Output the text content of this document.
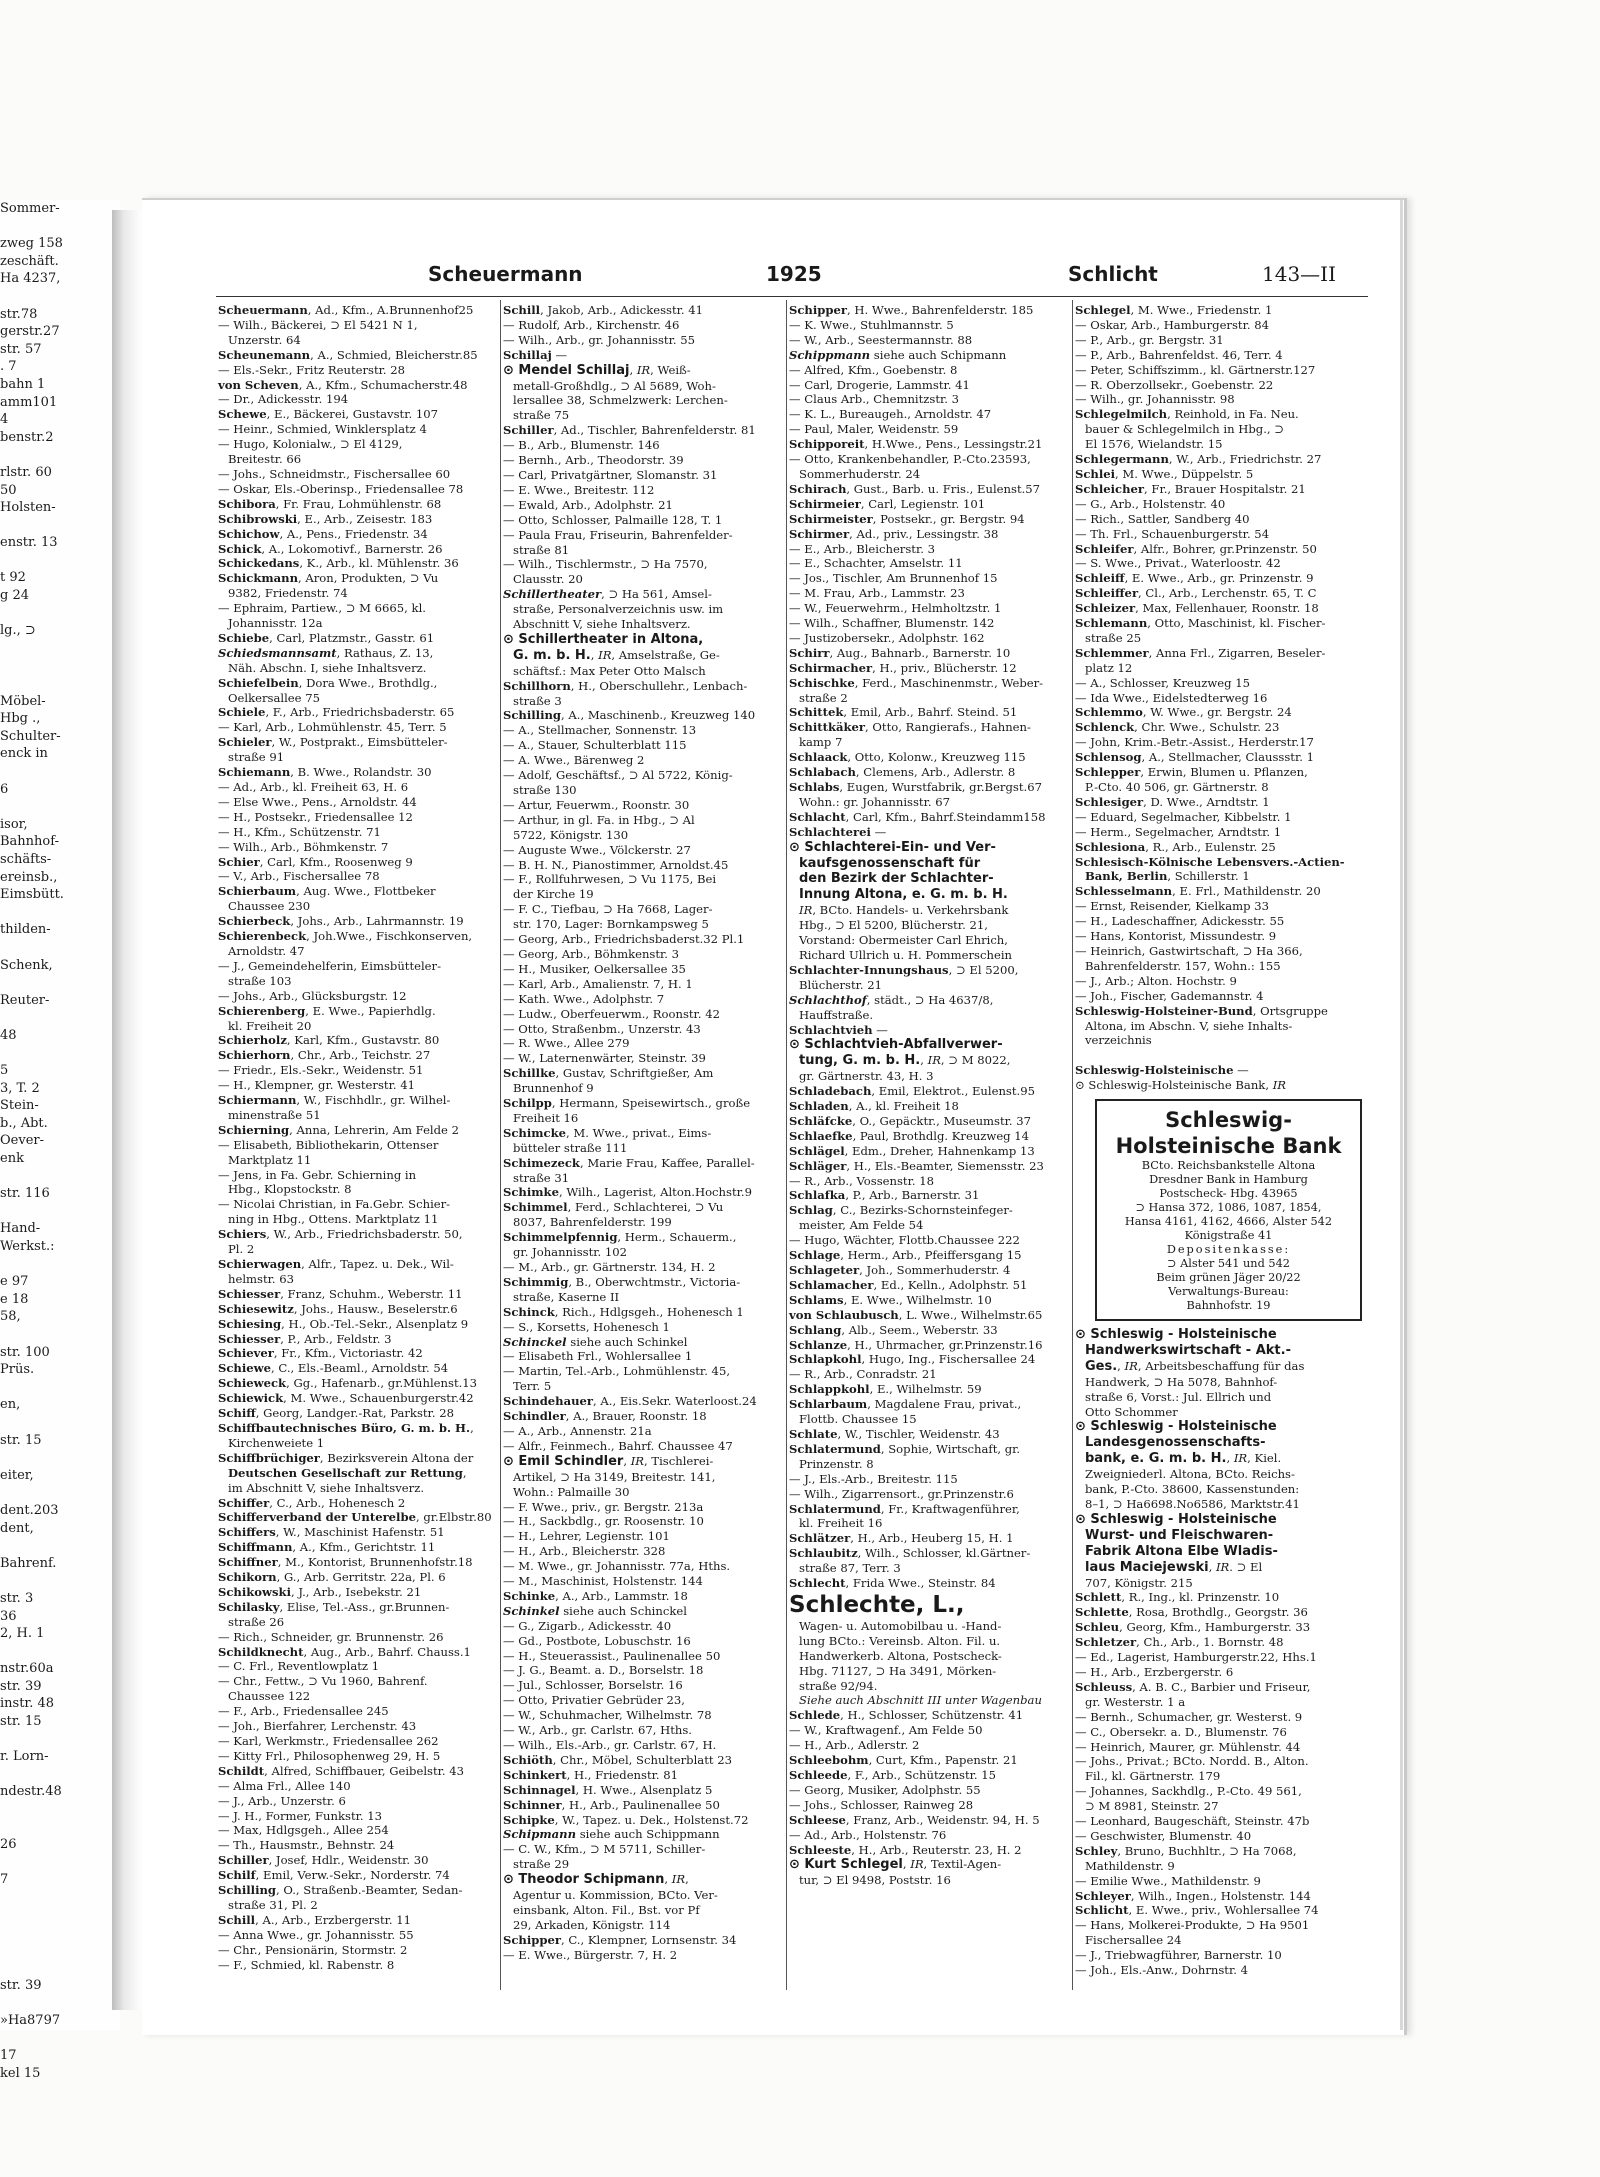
Sommer-

zweg 158
zeschäft.
Ha 4237,

str.78
gerstr.27
str. 57
. 7
bahn 1
amm101
4
benstr.2

rlstr. 60
50
Holsten-

enstr. 13

t 92
g 24

lg., ⊃

Möbel-
Hbg .,
Schulter-
enck in

6

isor,
Bahnhof-
schäfts-
ereinsb.,
Eimsbütt.

thilden-

Schenk,

Reuter-

48

5
3, T. 2
Stein-
b., Abt.
Oever-
enk

str. 116

Hand-
Werkst.:

e 97
e 18
58,

str. 100
Prüs.

en,

str. 15

eiter,

dent.203
dent,

Bahrenf.

str. 3
36
2, H. 1

nstr.60a
str. 39
instr. 48
str. 15

r. Lorn-

ndestr.48

26

7

str. 39

»Ha8797

17
kel 15
Scheuermann	1925	Schlicht	143—II
Scheuermann, Ad., Kfm., A.Brunnenhof25
— Wilh., Bäckerei, ⊃ El 5421 N 1,
Unzerstr. 64
Scheunemann, A., Schmied, Bleicherstr.85
— Els.-Sekr., Fritz Reuterstr. 28
von Scheven, A., Kfm., Schumacherstr.48
— Dr., Adickesstr. 194
Schewe, E., Bäckerei, Gustavstr. 107
— Heinr., Schmied, Winklersplatz 4
— Hugo, Kolonialw., ⊃ El 4129,
Breitestr. 66
— Johs., Schneidmstr., Fischersallee 60
— Oskar, Els.-Oberinsp., Friedensallee 78
Schibora, Fr. Frau, Lohmühlenstr. 68
Schibrowski, E., Arb., Zeisestr. 183
Schichow, A., Pens., Friedenstr. 34
Schick, A., Lokomotivf., Barnerstr. 26
Schickedans, K., Arb., kl. Mühlenstr. 36
Schickmann, Aron, Produkten, ⊃ Vu
9382, Friedenstr. 74
— Ephraim, Partiew., ⊃ M 6665, kl.
Johannisstr. 12a
Schiebe, Carl, Platzmstr., Gasstr. 61
Schiedsmannsamt, Rathaus, Z. 13,
Näh. Abschn. I, siehe Inhaltsverz.
Schiefelbein, Dora Wwe., Brothdlg.,
Oelkersallee 75
Schiele, F., Arb., Friedrichsbaderstr. 65
— Karl, Arb., Lohmühlenstr. 45, Terr. 5
Schieler, W., Postprakt., Eimsbütteler-
straße 91
Schiemann, B. Wwe., Rolandstr. 30
— Ad., Arb., kl. Freiheit 63, H. 6
— Else Wwe., Pens., Arnoldstr. 44
— H., Postsekr., Friedensallee 12
— H., Kfm., Schützenstr. 71
— Wilh., Arb., Böhmkenstr. 7
Schier, Carl, Kfm., Roosenweg 9
— V., Arb., Fischersallee 78
Schierbaum, Aug. Wwe., Flottbeker
Chaussee 230
Schierbeck, Johs., Arb., Lahrmannstr. 19
Schierenbeck, Joh.Wwe., Fischkonserven,
Arnoldstr. 47
— J., Gemeindehelferin, Eimsbütteler-
straße 103
— Johs., Arb., Glücksburgstr. 12
Schierenberg, E. Wwe., Papierhdlg.
kl. Freiheit 20
Schierholz, Karl, Kfm., Gustavstr. 80
Schierhorn, Chr., Arb., Teichstr. 27
— Friedr., Els.-Sekr., Weidenstr. 51
— H., Klempner, gr. Westerstr. 41
Schiermann, W., Fischhdlr., gr. Wilhel-
minenstraße 51
Schierning, Anna, Lehrerin, Am Felde 2
— Elisabeth, Bibliothekarin, Ottenser
Marktplatz 11
— Jens, in Fa. Gebr. Schierning in
Hbg., Klopstockstr. 8
— Nicolai Christian, in Fa.Gebr. Schier-
ning in Hbg., Ottens. Marktplatz 11
Schiers, W., Arb., Friedrichsbaderstr. 50,
Pl. 2
Schierwagen, Alfr., Tapez. u. Dek., Wil-
helmstr. 63
Schiesser, Franz, Schuhm., Weberstr. 11
Schiesewitz, Johs., Hausw., Beselerstr.6
Schiesing, H., Ob.-Tel.-Sekr., Alsenplatz 9
Schiesser, P., Arb., Feldstr. 3
Schiever, Fr., Kfm., Victoriastr. 42
Schiewe, C., Els.-Beaml., Arnoldstr. 54
Schieweck, Gg., Hafenarb., gr.Mühlenst.13
Schiewick, M. Wwe., Schauenburgerstr.42
Schiff, Georg, Landger.-Rat, Parkstr. 28
Schiffbautechnisches Büro, G. m. b. H.,
Kirchenweiete 1
Schiffbrüchiger, Bezirksverein Altona der
Deutschen Gesellschaft zur Rettung,
im Abschnitt V, siehe Inhaltsverz.
Schiffer, C., Arb., Hohenesch 2
Schifferverband der Unterelbe, gr.Elbstr.80
Schiffers, W., Maschinist Hafenstr. 51
Schiffmann, A., Kfm., Gerichtstr. 11
Schiffner, M., Kontorist, Brunnenhofstr.18
Schikorn, G., Arb. Gerritstr. 22a, Pl. 6
Schikowski, J., Arb., Isebekstr. 21
Schilasky, Elise, Tel.-Ass., gr.Brunnen-
straße 26
— Rich., Schneider, gr. Brunnenstr. 26
Schildknecht, Aug., Arb., Bahrf. Chauss.1
— C. Frl., Reventlowplatz 1
— Chr., Fettw., ⊃ Vu 1960, Bahrenf.
Chaussee 122
— F., Arb., Friedensallee 245
— Joh., Bierfahrer, Lerchenstr. 43
— Karl, Werkmstr., Friedensallee 262
— Kitty Frl., Philosophenweg 29, H. 5
Schildt, Alfred, Schiffbauer, Geibelstr. 43
— Alma Frl., Allee 140
— J., Arb., Unzerstr. 6
— J. H., Former, Funkstr. 13
— Max, Hdlgsgeh., Allee 254
— Th., Hausmstr., Behnstr. 24
Schiller, Josef, Hdlr., Weidenstr. 30
Schilf, Emil, Verw.-Sekr., Norderstr. 74
Schilling, O., Straßenb.-Beamter, Sedan-
straße 31, Pl. 2
Schill, A., Arb., Erzbergerstr. 11
— Anna Wwe., gr. Johannisstr. 55
— Chr., Pensionärin, Stormstr. 2
— F., Schmied, kl. Rabenstr. 8
Schill, Jakob, Arb., Adickesstr. 41
— Rudolf, Arb., Kirchenstr. 46
— Wilh., Arb., gr. Johannisstr. 55
Schillaj —
⊙ Mendel Schillaj, IR, Weiß-
metall-Großhdlg., ⊃ Al 5689, Woh-
lersallee 38, Schmelzwerk: Lerchen-
straße 75
Schiller, Ad., Tischler, Bahrenfelderstr. 81
— B., Arb., Blumenstr. 146
— Bernh., Arb., Theodorstr. 39
— Carl, Privatgärtner, Slomanstr. 31
— E. Wwe., Breitestr. 112
— Ewald, Arb., Adolphstr. 21
— Otto, Schlosser, Palmaille 128, T. 1
— Paula Frau, Friseurin, Bahrenfelder-
straße 81
— Wilh., Tischlermstr., ⊃ Ha 7570,
Clausstr. 20
Schillertheater, ⊃ Ha 561, Amsel-
straße, Personalverzeichnis usw. im
Abschnitt V, siehe Inhaltsverz.
⊙ Schillertheater in Altona,
G. m. b. H., IR, Amselstraße, Ge-
schäftsf.: Max Peter Otto Malsch
Schillhorn, H., Oberschullehr., Lenbach-
straße 3
Schilling, A., Maschinenb., Kreuzweg 140
— A., Stellmacher, Sonnenstr. 13
— A., Stauer, Schulterblatt 115
— A. Wwe., Bärenweg 2
— Adolf, Geschäftsf., ⊃ Al 5722, König-
straße 130
— Artur, Feuerwm., Roonstr. 30
— Arthur, in gl. Fa. in Hbg., ⊃ Al
5722, Königstr. 130
— Auguste Wwe., Völckerstr. 27
— B. H. N., Pianostimmer, Arnoldst.45
— F., Rollfuhrwesen, ⊃ Vu 1175, Bei
der Kirche 19
— F. C., Tiefbau, ⊃ Ha 7668, Lager-
str. 170, Lager: Bornkampsweg 5
— Georg, Arb., Friedrichsbaderst.32 Pl.1
— Georg, Arb., Böhmkenstr. 3
— H., Musiker, Oelkersallee 35
— Karl, Arb., Amalienstr. 7, H. 1
— Kath. Wwe., Adolphstr. 7
— Ludw., Oberfeuerwm., Roonstr. 42
— Otto, Straßenbm., Unzerstr. 43
— R. Wwe., Allee 279
— W., Laternenwärter, Steinstr. 39
Schillke, Gustav, Schriftgießer, Am
Brunnenhof 9
Schilpp, Hermann, Speisewirtsch., große
Freiheit 16
Schimcke, M. Wwe., privat., Eims-
bütteler straße 111
Schimezeck, Marie Frau, Kaffee, Parallel-
straße 31
Schimke, Wilh., Lagerist, Alton.Hochstr.9
Schimmel, Ferd., Schlachterei, ⊃ Vu
8037, Bahrenfelderstr. 199
Schimmelpfennig, Herm., Schauerm.,
gr. Johannisstr. 102
— M., Arb., gr. Gärtnerstr. 134, H. 2
Schimmig, B., Oberwchtmstr., Victoria-
straße, Kaserne II
Schinck, Rich., Hdlgsgeh., Hohenesch 1
— S., Korsetts, Hohenesch 1
Schinckel siehe auch Schinkel
— Elisabeth Frl., Wohlersallee 1
— Martin, Tel.-Arb., Lohmühlenstr. 45,
Terr. 5
Schindehauer, A., Eis.Sekr. Waterloost.24
Schindler, A., Brauer, Roonstr. 18
— A., Arb., Annenstr. 21a
— Alfr., Feinmech., Bahrf. Chaussee 47
⊙ Emil Schindler, IR, Tischlerei-
Artikel, ⊃ Ha 3149, Breitestr. 141,
Wohn.: Palmaille 30
— F. Wwe., priv., gr. Bergstr. 213a
— H., Sackbdlg., gr. Roosenstr. 10
— H., Lehrer, Legienstr. 101
— H., Arb., Bleicherstr. 328
— M. Wwe., gr. Johannisstr. 77a, Hths.
— M., Maschinist, Holstenstr. 144
Schinke, A., Arb., Lammstr. 18
Schinkel siehe auch Schinckel
— G., Zigarb., Adickesstr. 40
— Gd., Postbote, Lobuschstr. 16
— H., Steuerassist., Paulinenallee 50
— J. G., Beamt. a. D., Borselstr. 18
— Jul., Schlosser, Borselstr. 16
— Otto, Privatier Gebrüder 23,
— W., Schuhmacher, Wilhelmstr. 78
— W., Arb., gr. Carlstr. 67, Hths.
— Wilh., Els.-Arb., gr. Carlstr. 67, H.
Schiöth, Chr., Möbel, Schulterblatt 23
Schinkert, H., Friedenstr. 81
Schinnagel, H. Wwe., Alsenplatz 5
Schinner, H., Arb., Paulinenallee 50
Schipke, W., Tapez. u. Dek., Holstenst.72
Schipmann siehe auch Schippmann
— C. W., Kfm., ⊃ M 5711, Schiller-
straße 29
⊙ Theodor Schipmann, IR,
Agentur u. Kommission, BCto. Ver-
einsbank, Alton. Fil., Bst. vor Pf
29, Arkaden, Königstr. 114
Schipper, C., Klempner, Lornsenstr. 34
— E. Wwe., Bürgerstr. 7, H. 2
Schipper, H. Wwe., Bahrenfelderstr. 185
— K. Wwe., Stuhlmannstr. 5
— W., Arb., Seestermannstr. 88
Schippmann siehe auch Schipmann
— Alfred, Kfm., Goebenstr. 8
— Carl, Drogerie, Lammstr. 41
— Claus Arb., Chemnitzstr. 3
— K. L., Bureaugeh., Arnoldstr. 47
— Paul, Maler, Weidenstr. 59
Schipporeit, H.Wwe., Pens., Lessingstr.21
— Otto, Krankenbehandler, P.-Cto.23593,
Sommerhuderstr. 24
Schirach, Gust., Barb. u. Fris., Eulenst.57
Schirmeier, Carl, Legienstr. 101
Schirmeister, Postsekr., gr. Bergstr. 94
Schirmer, Ad., priv., Lessingstr. 38
— E., Arb., Bleicherstr. 3
— E., Schachter, Amselstr. 11
— Jos., Tischler, Am Brunnenhof 15
— M. Frau, Arb., Lammstr. 23
— W., Feuerwehrm., Helmholtzstr. 1
— Wilh., Schaffner, Blumenstr. 142
— Justizobersekr., Adolphstr. 162
Schirr, Aug., Bahnarb., Barnerstr. 10
Schirmacher, H., priv., Blücherstr. 12
Schischke, Ferd., Maschinenmstr., Weber-
straße 2
Schittek, Emil, Arb., Bahrf. Steind. 51
Schittkäker, Otto, Rangierafs., Hahnen-
kamp 7
Schlaack, Otto, Kolonw., Kreuzweg 115
Schlabach, Clemens, Arb., Adlerstr. 8
Schlabs, Eugen, Wurstfabrik, gr.Bergst.67
Wohn.: gr. Johannisstr. 67
Schlacht, Carl, Kfm., Bahrf.Steindamm158
Schlachterei —
⊙ Schlachterei-Ein- und Ver-
kaufsgenossenschaft für
den Bezirk der Schlachter-
Innung Altona, e. G. m. b. H.
IR, BCto. Handels- u. Verkehrsbank
Hbg., ⊃ El 5200, Blücherstr. 21,
Vorstand: Obermeister Carl Ehrich,
Richard Ullrich u. H. Pommerschein
Schlachter-Innungshaus, ⊃ El 5200,
Blücherstr. 21
Schlachthof, städt., ⊃ Ha 4637/8,
Hauffstraße.
Schlachtvieh —
⊙ Schlachtvieh-Abfallverwer-
tung, G. m. b. H., IR, ⊃ M 8022,
gr. Gärtnerstr. 43, H. 3
Schladebach, Emil, Elektrot., Eulenst.95
Schladen, A., kl. Freiheit 18
Schläfcke, O., Gepäcktr., Museumstr. 37
Schlaefke, Paul, Brothdlg. Kreuzweg 14
Schlägel, Edm., Dreher, Hahnenkamp 13
Schläger, H., Els.-Beamter, Siemensstr. 23
— R., Arb., Vossenstr. 18
Schlafka, P., Arb., Barnerstr. 31
Schlag, C., Bezirks-Schornsteinfeger-
meister, Am Felde 54
— Hugo, Wächter, Flottb.Chaussee 222
Schlage, Herm., Arb., Pfeiffersgang 15
Schlageter, Joh., Sommerhuderstr. 4
Schlamacher, Ed., Kelln., Adolphstr. 51
Schlams, E. Wwe., Wilhelmstr. 10
von Schlaubusch, L. Wwe., Wilhelmstr.65
Schlang, Alb., Seem., Weberstr. 33
Schlanze, H., Uhrmacher, gr.Prinzenstr.16
Schlapkohl, Hugo, Ing., Fischersallee 24
— R., Arb., Conradstr. 21
Schlappkohl, E., Wilhelmstr. 59
Schlarbaum, Magdalene Frau, privat.,
Flottb. Chaussee 15
Schlate, W., Tischler, Weidenstr. 43
Schlatermund, Sophie, Wirtschaft, gr.
Prinzenstr. 8
— J., Els.-Arb., Breitestr. 115
— Wilh., Zigarrensort., gr.Prinzenstr.6
Schlatermund, Fr., Kraftwagenführer,
kl. Freiheit 16
Schlätzer, H., Arb., Heuberg 15, H. 1
Schlaubitz, Wilh., Schlosser, kl.Gärtner-
straße 87, Terr. 3
Schlecht, Frida Wwe., Steinstr. 84
Schlechte, L.,
Wagen- u. Automobilbau u. -Hand-
lung BCto.: Vereinsb. Alton. Fil. u.
Handwerkerb. Altona, Postscheck-
Hbg. 71127, ⊃ Ha 3491, Mörken-
straße 92/94.
Siehe auch Abschnitt III unter Wagenbau
Schlede, H., Schlosser, Schützenstr. 41
— W., Kraftwagenf., Am Felde 50
— H., Arb., Adlerstr. 2
Schleebohm, Curt, Kfm., Papenstr. 21
Schleede, F., Arb., Schützenstr. 15
— Georg, Musiker, Adolphstr. 55
— Johs., Schlosser, Rainweg 28
Schleese, Franz, Arb., Weidenstr. 94, H. 5
— Ad., Arb., Holstenstr. 76
Schleeste, H., Arb., Reuterstr. 23, H. 2
⊙ Kurt Schlegel, IR, Textil-Agen-
tur, ⊃ El 9498, Poststr. 16
Schlegel, M. Wwe., Friedenstr. 1
— Oskar, Arb., Hamburgerstr. 84
— P., Arb., gr. Bergstr. 31
— P., Arb., Bahrenfeldst. 46, Terr. 4
— Peter, Schiffszimm., kl. Gärtnerstr.127
— R. Oberzollsekr., Goebenstr. 22
— Wilh., gr. Johannisstr. 98
Schlegelmilch, Reinhold, in Fa. Neu.
bauer & Schlegelmilch in Hbg., ⊃
El 1576, Wielandstr. 15
Schlegermann, W., Arb., Friedrichstr. 27
Schlei, M. Wwe., Düppelstr. 5
Schleicher, Fr., Brauer Hospitalstr. 21
— G., Arb., Holstenstr. 40
— Rich., Sattler, Sandberg 40
— Th. Frl., Schauenburgerstr. 54
Schleifer, Alfr., Bohrer, gr.Prinzenstr. 50
— S. Wwe., Privat., Waterloostr. 42
Schleiff, E. Wwe., Arb., gr. Prinzenstr. 9
Schleiffer, Cl., Arb., Lerchenstr. 65, T. C
Schleizer, Max, Fellenhauer, Roonstr. 18
Schlemann, Otto, Maschinist, kl. Fischer-
straße 25
Schlemmer, Anna Frl., Zigarren, Beseler-
platz 12
— A., Schlosser, Kreuzweg 15
— Ida Wwe., Eidelstedterweg 16
Schlemmo, W. Wwe., gr. Bergstr. 24
Schlenck, Chr. Wwe., Schulstr. 23
— John, Krim.-Betr.-Assist., Herderstr.17
Schlensog, A., Stellmacher, Claussstr. 1
Schlepper, Erwin, Blumen u. Pflanzen,
P.-Cto. 40 506, gr. Gärtnerstr. 8
Schlesiger, D. Wwe., Arndtstr. 1
— Eduard, Segelmacher, Kibbelstr. 1
— Herm., Segelmacher, Arndtstr. 1
Schlesiona, R., Arb., Eulenstr. 25
Schlesisch-Kölnische Lebensvers.-Actien-
Bank, Berlin, Schillerstr. 1
Schlesselmann, E. Frl., Mathildenstr. 20
— Ernst, Reisender, Kielkamp 33
— H., Ladeschaffner, Adickesstr. 55
— Hans, Kontorist, Missundestr. 9
— Heinrich, Gastwirtschaft, ⊃ Ha 366,
Bahrenfelderstr. 157, Wohn.: 155
— J., Arb.; Alton. Hochstr. 9
— Joh., Fischer, Gademannstr. 4
Schleswig-Holsteiner-Bund, Ortsgruppe
Altona, im Abschn. V, siehe Inhalts-
verzeichnis

Schleswig-Holsteinische —
⊙ Schleswig-Holsteinische Bank, IR
Schleswig-
Holsteinische Bank
BCto. Reichsbankstelle Altona
Dresdner Bank in Hamburg
Postscheck- Hbg. 43965
⊃ Hansa 372, 1086, 1087, 1854,
Hansa 4161, 4162, 4666, Alster 542
Königstraße 41
Depositenkasse:
⊃ Alster 541 und 542
Beim grünen Jäger 20/22
Verwaltungs-Bureau:
Bahnhofstr. 19
⊙ Schleswig - Holsteinische
Handwerkswirtschaft - Akt.-
Ges., IR, Arbeitsbeschaffung für das
Handwerk, ⊃ Ha 5078, Bahnhof-
straße 6, Vorst.: Jul. Ellrich und
Otto Schommer
⊙ Schleswig - Holsteinische
Landesgenossenschafts-
bank, e. G. m. b. H., IR, Kiel.
Zweigniederl. Altona, BCto. Reichs-
bank, P.-Cto. 38600, Kassenstunden:
8–1, ⊃ Ha6698.No6586, Marktstr.41
⊙ Schleswig - Holsteinische
Wurst- und Fleischwaren-
Fabrik Altona Elbe Wladis-
laus Maciejewski, IR. ⊃ El
707, Königstr. 215
Schlett, R., Ing., kl. Prinzenstr. 10
Schlette, Rosa, Brothdlg., Georgstr. 36
Schleu, Georg, Kfm., Hamburgerstr. 33
Schletzer, Ch., Arb., 1. Bornstr. 48
— Ed., Lagerist, Hamburgerstr.22, Hhs.1
— H., Arb., Erzbergerstr. 6
Schleuss, A. B. C., Barbier und Friseur,
gr. Westerstr. 1 a
— Bernh., Schumacher, gr. Westerst. 9
— C., Obersekr. a. D., Blumenstr. 76
— Heinrich, Maurer, gr. Mühlenstr. 44
— Johs., Privat.; BCto. Nordd. B., Alton.
Fil., kl. Gärtnerstr. 179
— Johannes, Sackhdlg., P.-Cto. 49 561,
⊃ M 8981, Steinstr. 27
— Leonhard, Baugeschäft, Steinstr. 47b
— Geschwister, Blumenstr. 40
Schley, Bruno, Buchhltr., ⊃ Ha 7068,
Mathildenstr. 9
— Emilie Wwe., Mathildenstr. 9
Schleyer, Wilh., Ingen., Holstenstr. 144
Schlicht, E. Wwe., priv., Wohlersallee 74
— Hans, Molkerei-Produkte, ⊃ Ha 9501
Fischersallee 24
— J., Triebwagführer, Barnerstr. 10
— Joh., Els.-Anw., Dohrnstr. 4
